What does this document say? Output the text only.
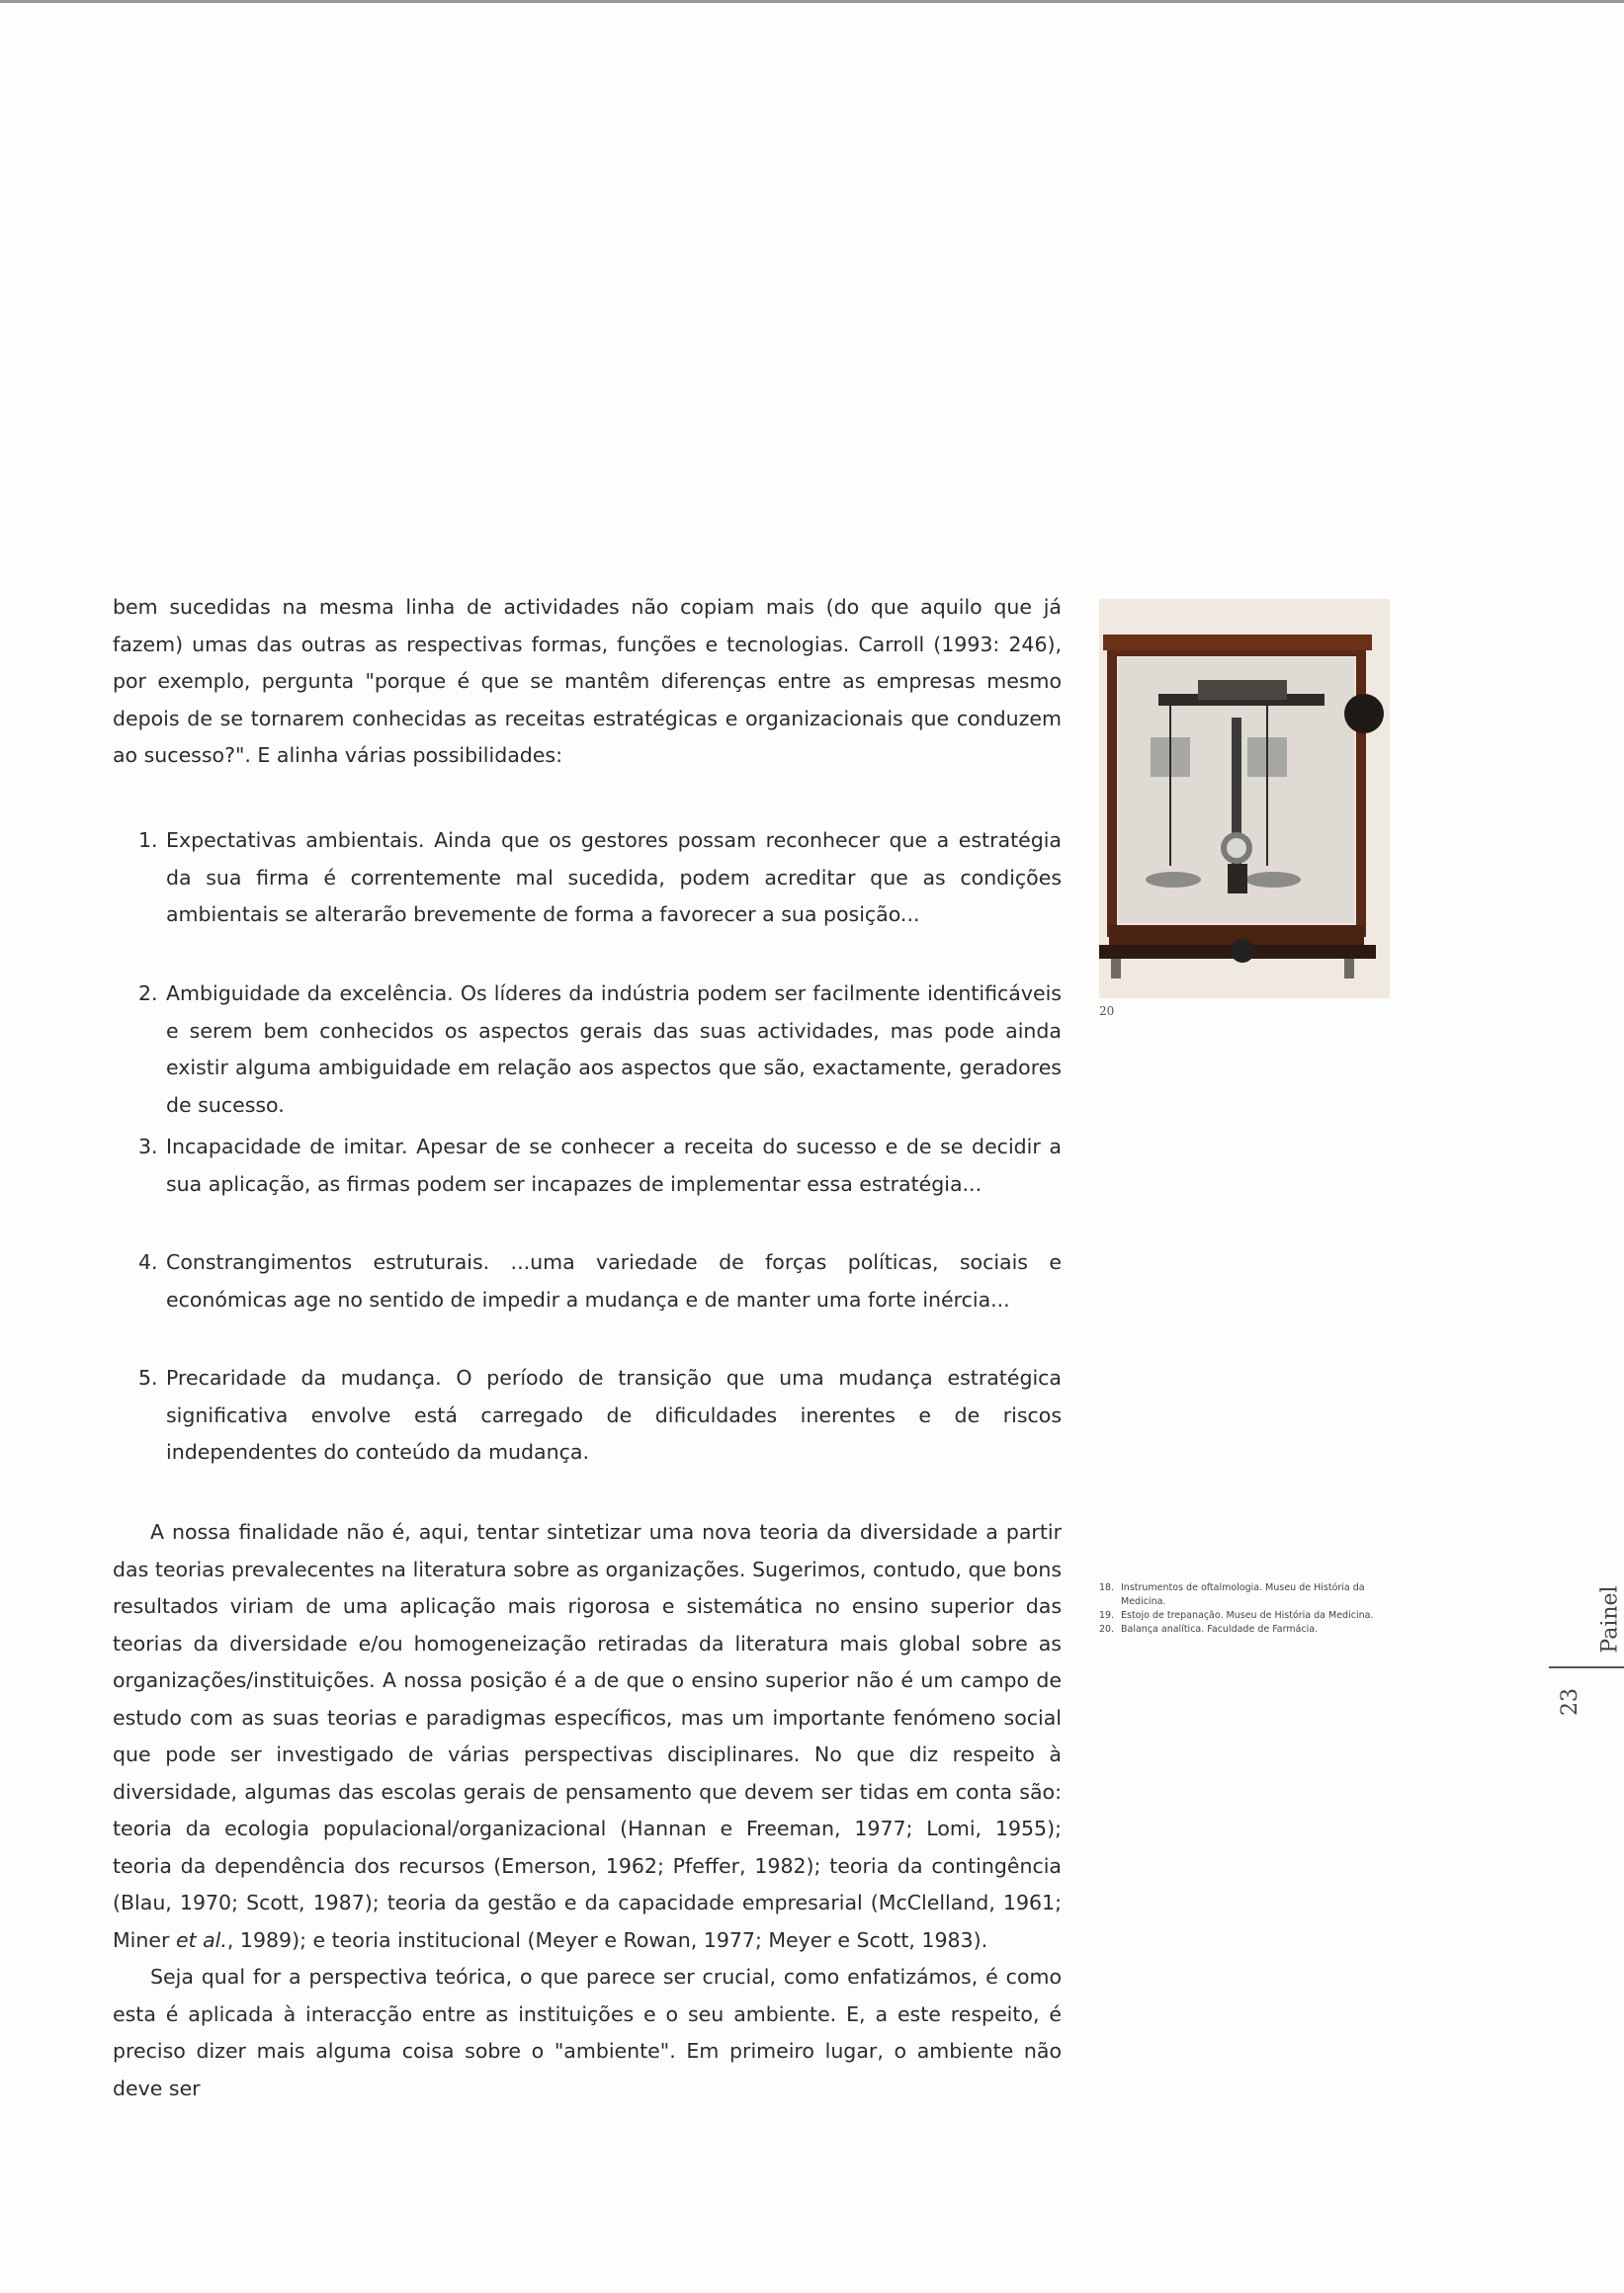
bem sucedidas na mesma linha de actividades não copiam mais (do que aquilo que já fazem) umas das outras as respectivas formas, funções e tecnologias. Carroll (1993: 246), por exemplo, pergunta "porque é que se mantêm diferenças entre as empresas mesmo depois de se tornarem conhecidas as receitas estratégicas e organizacionais que conduzem ao sucesso?". E alinha várias possibilidades:

1. Expectativas ambientais. Ainda que os gestores possam reconhecer que a estratégia da sua firma é correntemente mal sucedida, podem acreditar que as condições ambientais se alterarão brevemente de forma a favorecer a sua posição...
2. Ambiguidade da excelência. Os líderes da indústria podem ser facilmente identificáveis e serem bem conhecidos os aspectos gerais das suas actividades, mas pode ainda existir alguma ambiguidade em relação aos aspectos que são, exactamente, geradores de sucesso.
3. Incapacidade de imitar. Apesar de se conhecer a receita do sucesso e de se decidir a sua aplicação, as firmas podem ser incapazes de implementar essa estratégia...
4. Constrangimentos estruturais. ...uma variedade de forças políticas, sociais e económicas age no sentido de impedir a mudança e de manter uma forte inércia...
5. Precaridade da mudança. O período de transição que uma mudança estratégica significativa envolve está carregado de dificuldades inerentes e de riscos independentes do conteúdo da mudança.

A nossa finalidade não é, aqui, tentar sintetizar uma nova teoria da diversidade a partir das teorias prevalecentes na literatura sobre as organizações. Sugerimos, contudo, que bons resultados viriam de uma aplicação mais rigorosa e sistemática no ensino superior das teorias da diversidade e/ou homogeneização retiradas da literatura mais global sobre as organizações/instituições. A nossa posição é a de que o ensino superior não é um campo de estudo com as suas teorias e paradigmas específicos, mas um importante fenómeno social que pode ser investigado de várias perspectivas disciplinares. No que diz respeito à diversidade, algumas das escolas gerais de pensamento que devem ser tidas em conta são: teoria da ecologia populacional/organizacional (Hannan e Freeman, 1977; Lomi, 1955); teoria da dependência dos recursos (Emerson, 1962; Pfeffer, 1982); teoria da contingência (Blau, 1970; Scott, 1987); teoria da gestão e da capacidade empresarial (McClelland, 1961; Miner et al., 1989); e teoria institucional (Meyer e Rowan, 1977; Meyer e Scott, 1983).

Seja qual for a perspectiva teórica, o que parece ser crucial, como enfatizámos, é como esta é aplicada à interacção entre as instituições e o seu ambiente. E, a este respeito, é preciso dizer mais alguma coisa sobre o "ambiente". Em primeiro lugar, o ambiente não deve ser

20
18. Instrumentos de oftalmologia. Museu de História da Medicina.
19. Estojo de trepanação. Museu de História da Medicina.
20. Balança analítica. Faculdade de Farmácia.	Painel
23
